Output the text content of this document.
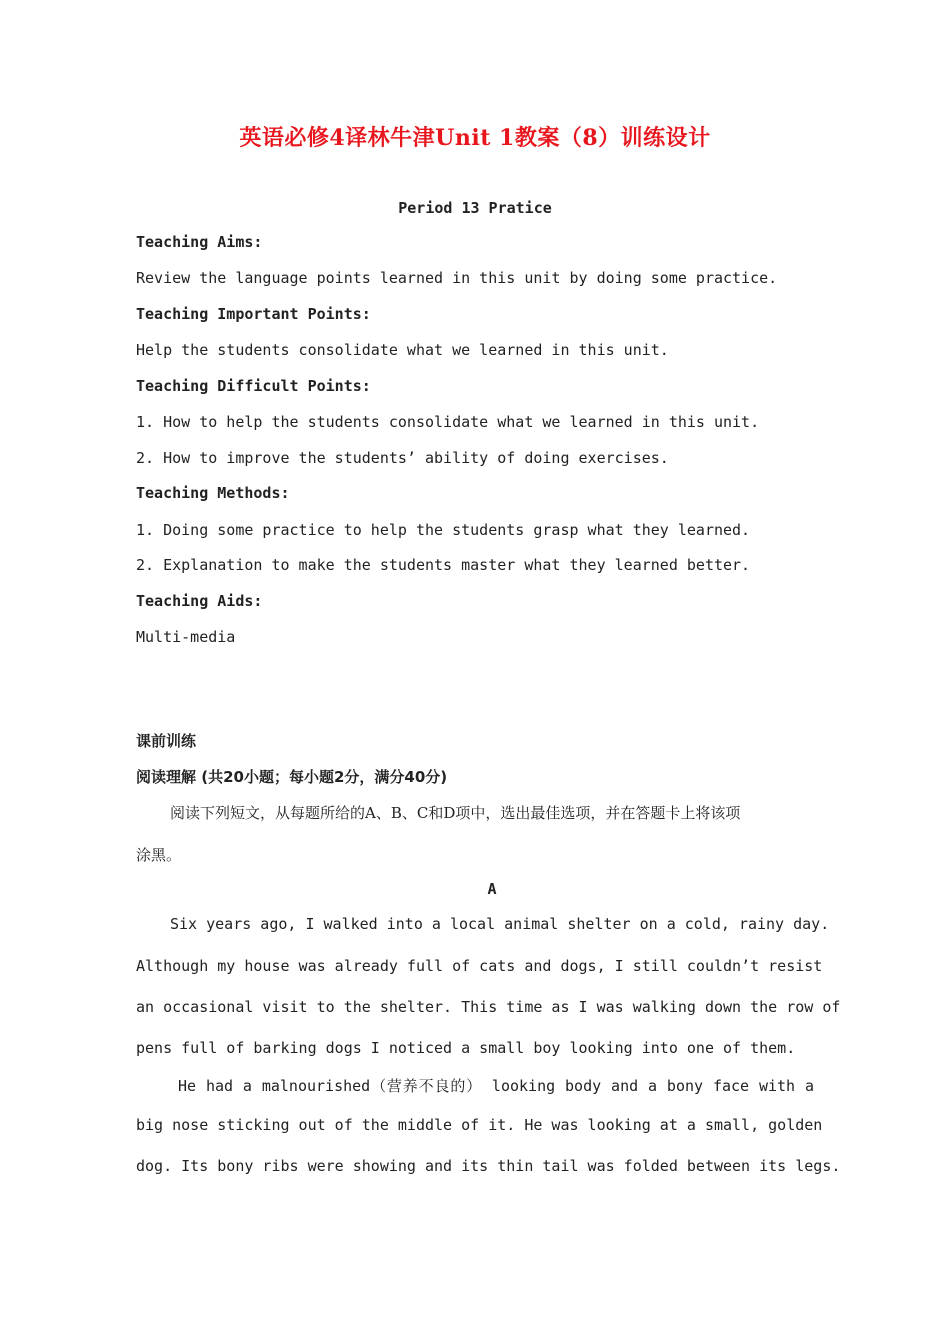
英语必修4译林牛津Unit 1教案（8）训练设计
Period 13 Pratice
Teaching Aims:
Review the language points learned in this unit by doing some practice.
Teaching Important Points:
Help the students consolidate what we learned in this unit.
Teaching Difficult Points:
1. How to help the students consolidate what we learned in this unit.
2. How to improve the students’ ability of doing exercises.
Teaching Methods:
1. Doing some practice to help the students grasp what they learned.
2. Explanation to make the students master what they learned better.
Teaching Aids:
Multi-media
课前训练
阅读理解 (共20小题；每小题2分，满分40分)
阅读下列短文，从每题所给的A、B、C和D项中，选出最佳选项，并在答题卡上将该项
涂黑。
A
Six years ago, I walked into a local animal shelter on a cold, rainy day.
Although my house was already full of cats and dogs, I still couldn’t resist
an occasional visit to the shelter. This time as I was walking down the row of
pens full of barking dogs I noticed a small boy looking into one of them.
He had a malnourished（营养不良的） looking body and a bony face with a
big nose sticking out of the middle of it. He was looking at a small, golden
dog. Its bony ribs were showing and its thin tail was folded between its legs.
